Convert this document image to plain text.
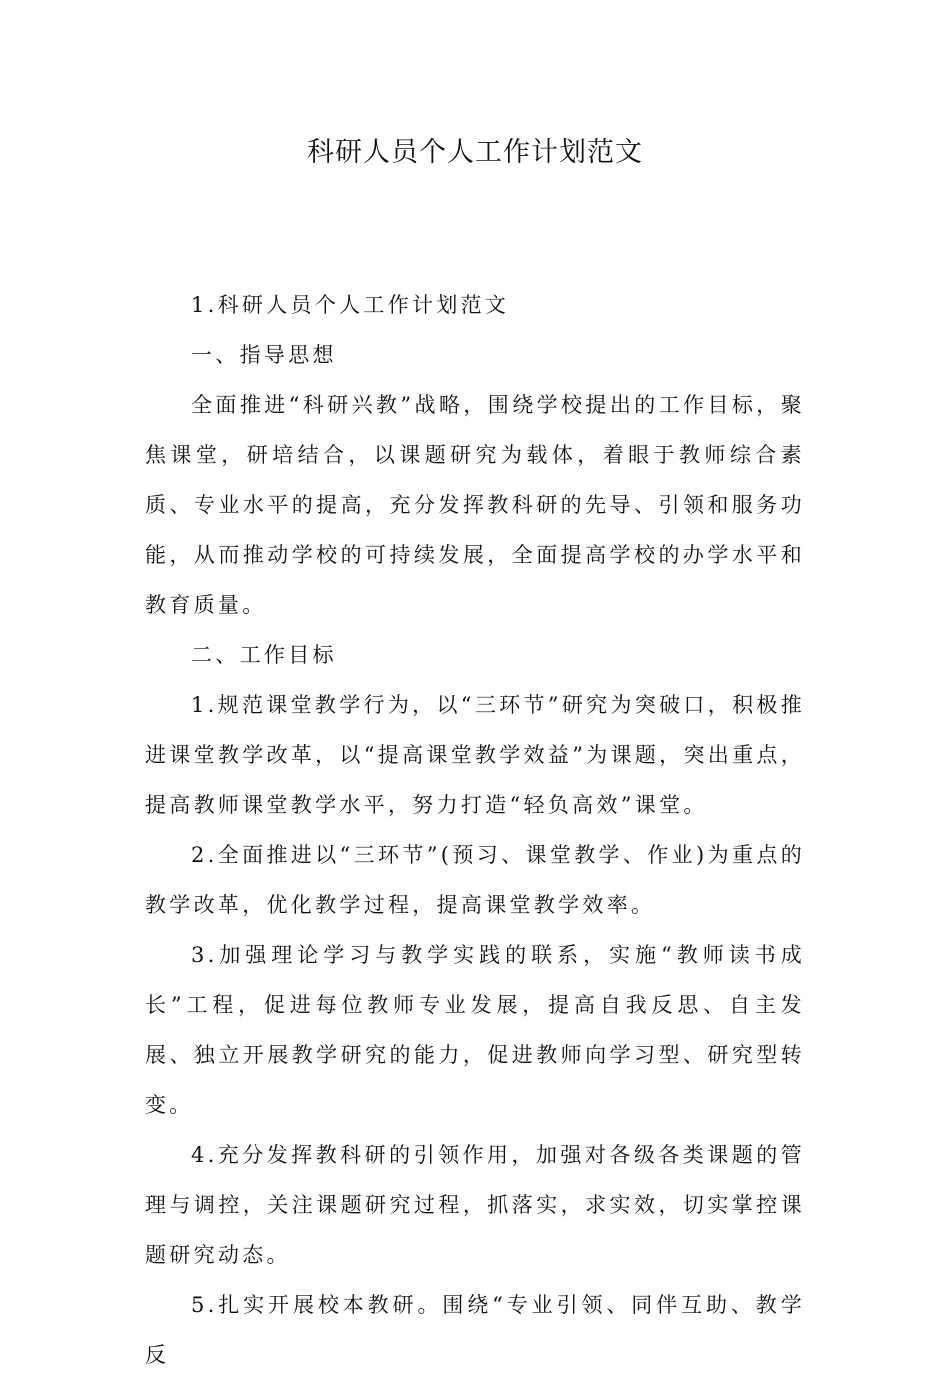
科研人员个人工作计划范文

1.科研人员个人工作计划范文

一、指导思想

全面推进“科研兴教”战略，围绕学校提出的工作目标，聚焦课堂，研培结合，以课题研究为载体，着眼于教师综合素质、专业水平的提高，充分发挥教科研的先导、引领和服务功能，从而推动学校的可持续发展，全面提高学校的办学水平和教育质量。

二、工作目标

1.规范课堂教学行为，以“三环节”研究为突破口，积极推进课堂教学改革，以“提高课堂教学效益”为课题，突出重点，提高教师课堂教学水平，努力打造“轻负高效”课堂。

2.全面推进以“三环节”(预习、课堂教学、作业)为重点的教学改革，优化教学过程，提高课堂教学效率。

3.加强理论学习与教学实践的联系，实施“教师读书成长”工程，促进每位教师专业发展，提高自我反思、自主发展、独立开展教学研究的能力，促进教师向学习型、研究型转变。

4.充分发挥教科研的引领作用，加强对各级各类课题的管理与调控，关注课题研究过程，抓落实，求实效，切实掌控课题研究动态。

5.扎实开展校本教研。围绕“专业引领、同伴互助、教学反
